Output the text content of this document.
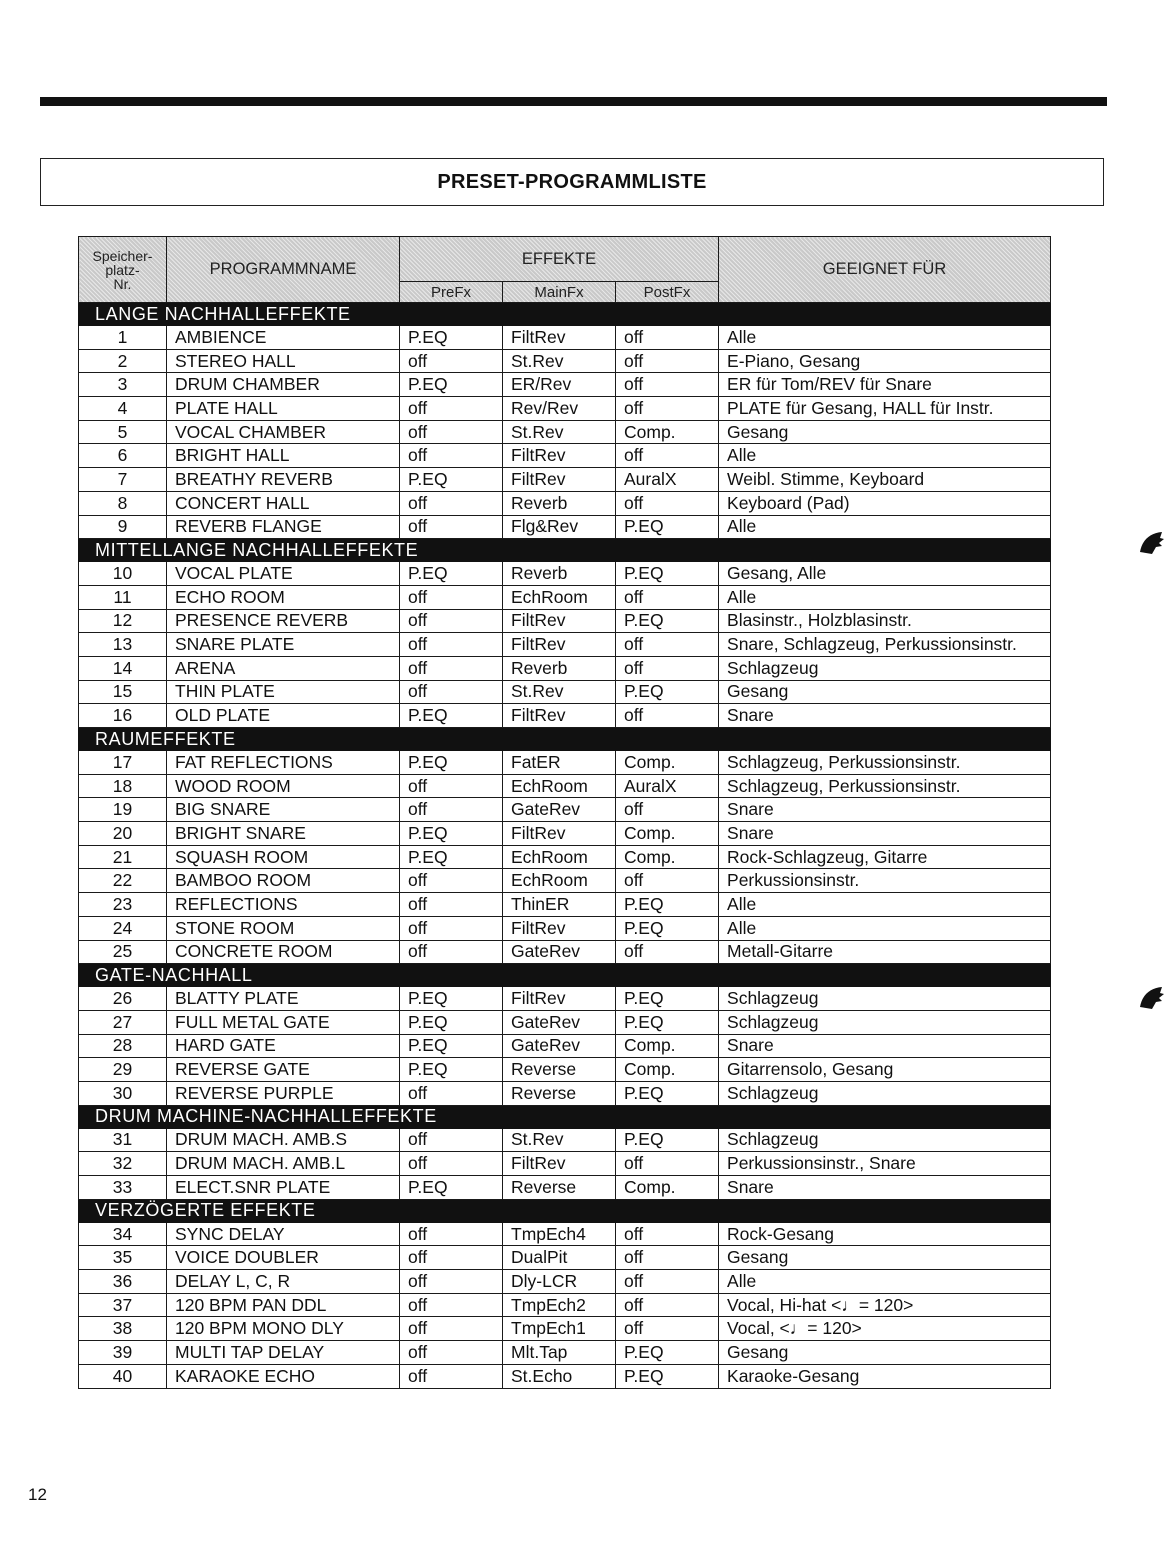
PRESET-PROGRAMMLISTE
Speicher-
platz-
Nr.	PROGRAMMNAME	EFFEKTE			GEEIGNET FÜR
		PreFx	MainFx	PostFx	
LANGE NACHHALLEFFEKTE					
1	AMBIENCE	P.EQ	FiltRev	off	Alle
2	STEREO HALL	off	St.Rev	off	E-Piano, Gesang
3	DRUM CHAMBER	P.EQ	ER/Rev	off	ER für Tom/REV für Snare
4	PLATE HALL	off	Rev/Rev	off	PLATE für Gesang, HALL für Instr.
5	VOCAL CHAMBER	off	St.Rev	Comp.	Gesang
6	BRIGHT HALL	off	FiltRev	off	Alle
7	BREATHY REVERB	P.EQ	FiltRev	AuralX	Weibl. Stimme, Keyboard
8	CONCERT HALL	off	Reverb	off	Keyboard (Pad)
9	REVERB FLANGE	off	Flg&Rev	P.EQ	Alle
MITTELLANGE NACHHALLEFFEKTE					
10	VOCAL PLATE	P.EQ	Reverb	P.EQ	Gesang, Alle
11	ECHO ROOM	off	EchRoom	off	Alle
12	PRESENCE REVERB	off	FiltRev	P.EQ	Blasinstr., Holzblasinstr.
13	SNARE PLATE	off	FiltRev	off	Snare, Schlagzeug, Perkussionsinstr.
14	ARENA	off	Reverb	off	Schlagzeug
15	THIN PLATE	off	St.Rev	P.EQ	Gesang
16	OLD PLATE	P.EQ	FiltRev	off	Snare
RAUMEFFEKTE					
17	FAT REFLECTIONS	P.EQ	FatER	Comp.	Schlagzeug, Perkussionsinstr.
18	WOOD ROOM	off	EchRoom	AuralX	Schlagzeug, Perkussionsinstr.
19	BIG SNARE	off	GateRev	off	Snare
20	BRIGHT SNARE	P.EQ	FiltRev	Comp.	Snare
21	SQUASH ROOM	P.EQ	EchRoom	Comp.	Rock-Schlagzeug, Gitarre
22	BAMBOO ROOM	off	EchRoom	off	Perkussionsinstr.
23	REFLECTIONS	off	ThinER	P.EQ	Alle
24	STONE ROOM	off	FiltRev	P.EQ	Alle
25	CONCRETE ROOM	off	GateRev	off	Metall-Gitarre
GATE-NACHHALL					
26	BLATTY PLATE	P.EQ	FiltRev	P.EQ	Schlagzeug
27	FULL METAL GATE	P.EQ	GateRev	P.EQ	Schlagzeug
28	HARD GATE	P.EQ	GateRev	Comp.	Snare
29	REVERSE GATE	P.EQ	Reverse	Comp.	Gitarrensolo, Gesang
30	REVERSE PURPLE	off	Reverse	P.EQ	Schlagzeug
DRUM MACHINE-NACHHALLEFFEKTE					
31	DRUM MACH. AMB.S	off	St.Rev	P.EQ	Schlagzeug
32	DRUM MACH. AMB.L	off	FiltRev	off	Perkussionsinstr., Snare
33	ELECT.SNR PLATE	P.EQ	Reverse	Comp.	Snare
VERZÖGERTE EFFEKTE					
34	SYNC DELAY	off	TmpEch4	off	Rock-Gesang
35	VOICE DOUBLER	off	DualPit	off	Gesang
36	DELAY L, C, R	off	Dly-LCR	off	Alle
37	120 BPM PAN DDL	off	TmpEch2	off	Vocal, Hi-hat <♩= 120>
38	120 BPM MONO DLY	off	TmpEch1	off	Vocal, <♩= 120>
39	MULTI TAP DELAY	off	Mlt.Tap	P.EQ	Gesang
40	KARAOKE ECHO	off	St.Echo	P.EQ	Karaoke-Gesang
12
